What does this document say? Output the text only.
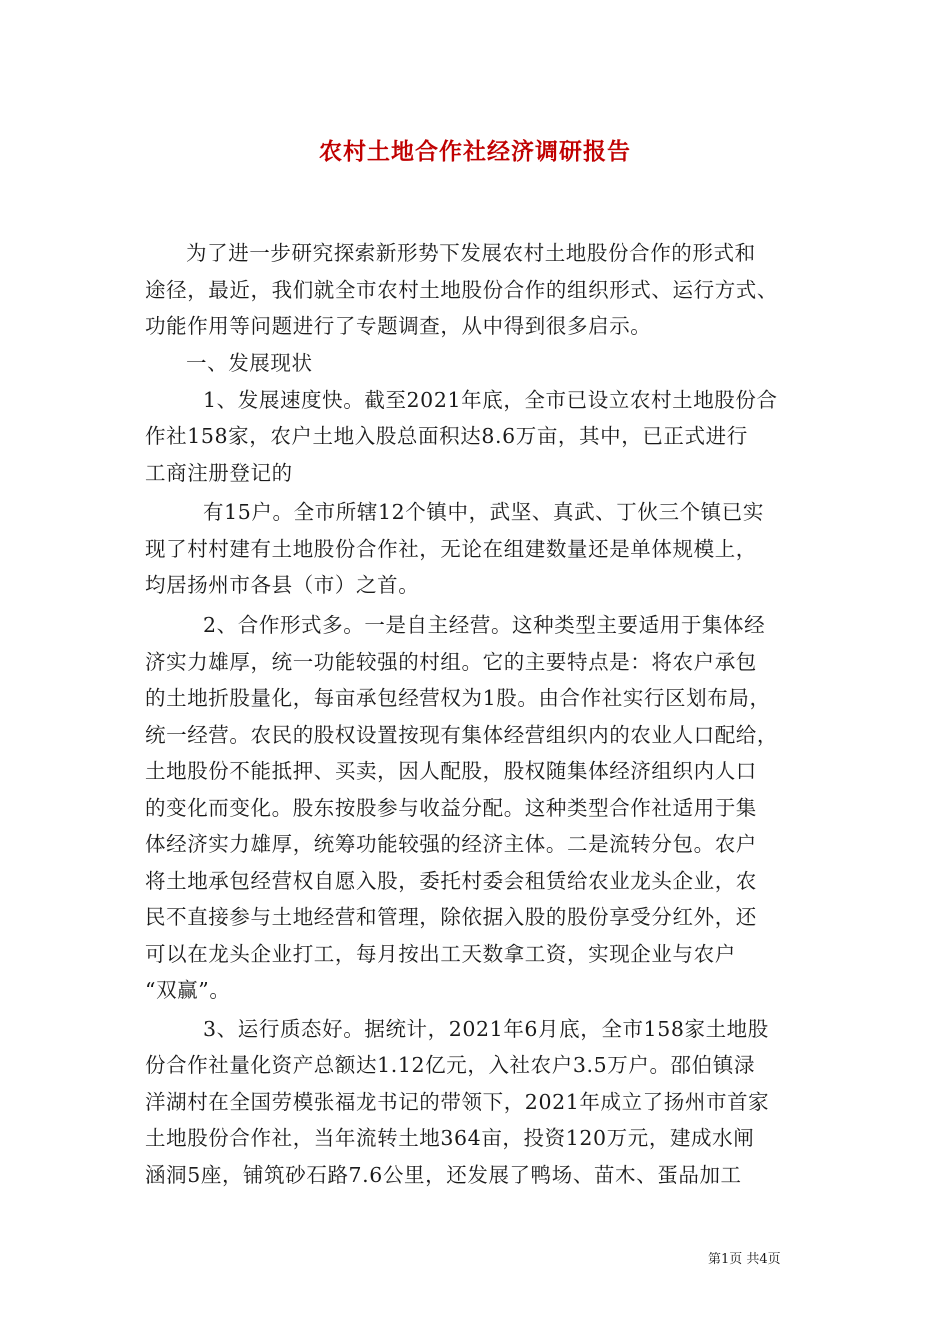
农村土地合作社经济调研报告
为了进一步研究探索新形势下发展农村土地股份合作的形式和
途径，最近，我们就全市农村土地股份合作的组织形式、运行方式、
功能作用等问题进行了专题调查，从中得到很多启示。
一、发展现状
1、发展速度快。截至2021年底，全市已设立农村土地股份合
作社158家，农户土地入股总面积达8.6万亩，其中，已正式进行
工商注册登记的
有15户。全市所辖12个镇中，武坚、真武、丁伙三个镇已实
现了村村建有土地股份合作社，无论在组建数量还是单体规模上，
均居扬州市各县（市）之首。
2、合作形式多。一是自主经营。这种类型主要适用于集体经
济实力雄厚，统一功能较强的村组。它的主要特点是：将农户承包
的土地折股量化，每亩承包经营权为1股。由合作社实行区划布局，
统一经营。农民的股权设置按现有集体经营组织内的农业人口配给，
土地股份不能抵押、买卖，因人配股，股权随集体经济组织内人口
的变化而变化。股东按股参与收益分配。这种类型合作社适用于集
体经济实力雄厚，统筹功能较强的经济主体。二是流转分包。农户
将土地承包经营权自愿入股，委托村委会租赁给农业龙头企业，农
民不直接参与土地经营和管理，除依据入股的股份享受分红外，还
可以在龙头企业打工，每月按出工天数拿工资，实现企业与农户
“双赢”。
3、运行质态好。据统计，2021年6月底，全市158家土地股
份合作社量化资产总额达1.12亿元，入社农户3.5万户。邵伯镇渌
洋湖村在全国劳模张福龙书记的带领下，2021年成立了扬州市首家
土地股份合作社，当年流转土地364亩，投资120万元，建成水闸
涵洞5座，铺筑砂石路7.6公里，还发展了鸭场、苗木、蛋品加工
第1页 共4页
